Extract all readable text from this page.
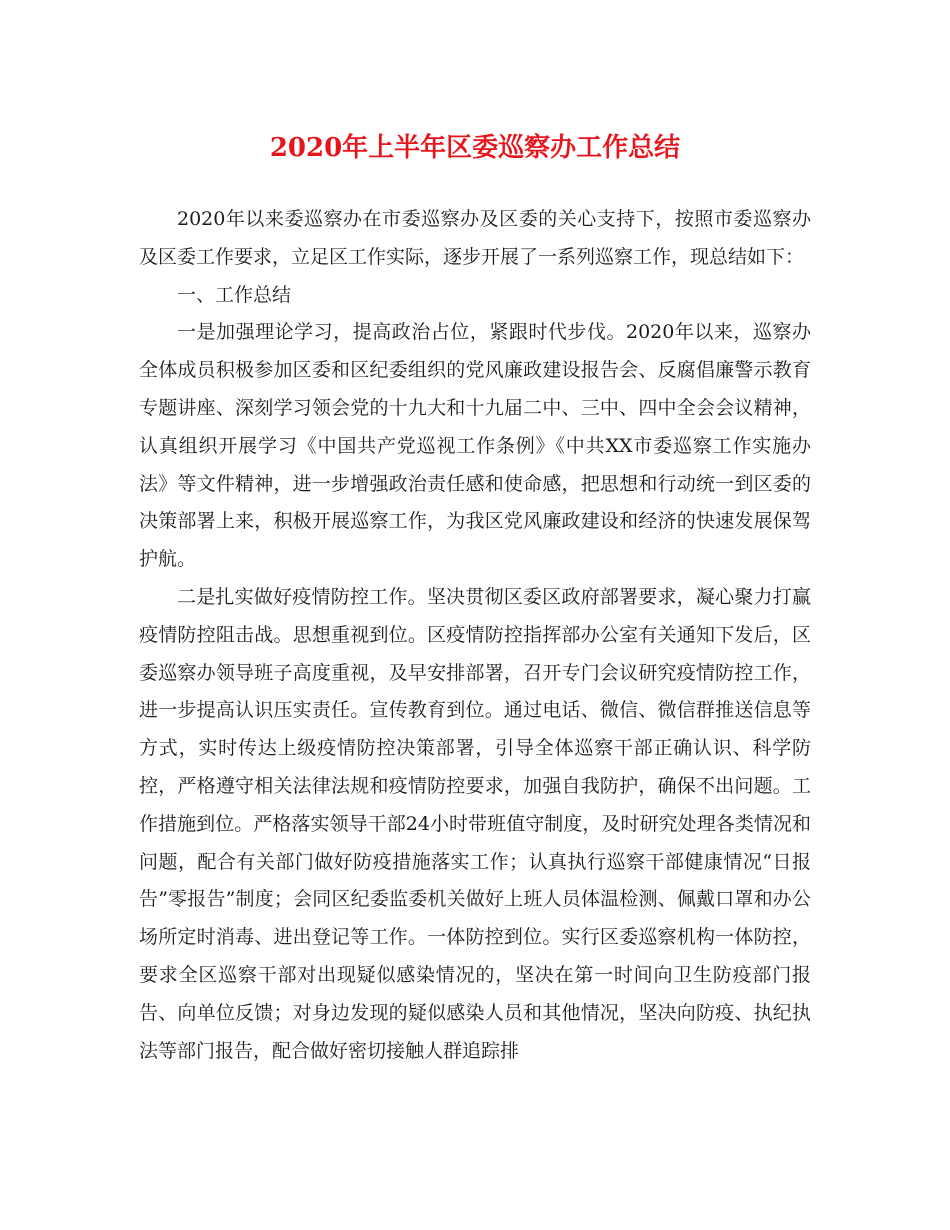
2020年上半年区委巡察办工作总结

2020年以来委巡察办在市委巡察办及区委的关心支持下，按照市委巡察办及区委工作要求，立足区工作实际，逐步开展了一系列巡察工作，现总结如下：

一、工作总结

一是加强理论学习，提高政治占位，紧跟时代步伐。2020年以来，巡察办全体成员积极参加区委和区纪委组织的党风廉政建设报告会、反腐倡廉警示教育专题讲座、深刻学习领会党的十九大和十九届二中、三中、四中全会会议精神，认真组织开展学习《中国共产党巡视工作条例》《中共XX市委巡察工作实施办法》等文件精神，进一步增强政治责任感和使命感，把思想和行动统一到区委的决策部署上来，积极开展巡察工作，为我区党风廉政建设和经济的快速发展保驾护航。

二是扎实做好疫情防控工作。坚决贯彻区委区政府部署要求，凝心聚力打赢疫情防控阻击战。思想重视到位。区疫情防控指挥部办公室有关通知下发后，区委巡察办领导班子高度重视，及早安排部署，召开专门会议研究疫情防控工作，进一步提高认识压实责任。宣传教育到位。通过电话、微信、微信群推送信息等方式，实时传达上级疫情防控决策部署，引导全体巡察干部正确认识、科学防控，严格遵守相关法律法规和疫情防控要求，加强自我防护，确保不出问题。工作措施到位。严格落实领导干部24小时带班值守制度，及时研究处理各类情况和问题，配合有关部门做好防疫措施落实工作；认真执行巡察干部健康情况“日报告”零报告”制度；会同区纪委监委机关做好上班人员体温检测、佩戴口罩和办公场所定时消毒、进出登记等工作。一体防控到位。实行区委巡察机构一体防控，要求全区巡察干部对出现疑似感染情况的，坚决在第一时间向卫生防疫部门报告、向单位反馈；对身边发现的疑似感染人员和其他情况，坚决向防疫、执纪执法等部门报告，配合做好密切接触人群追踪排
